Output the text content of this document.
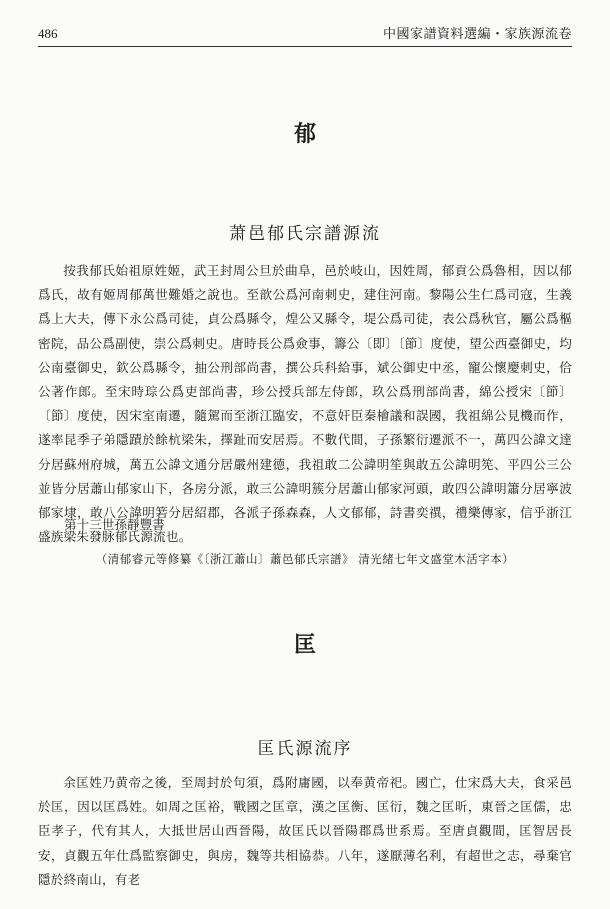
486	中國家譜資料選編・家族源流卷
郁
萧邑郁氏宗譜源流

按我郁氏始祖原姓姬，武王封周公旦於曲阜，邑於岐山，因姓周，郁貢公爲魯相，因以郁爲氏，故有姬周郁萬世難婚之說也。至歆公爲河南刺史，建住河南。黎陽公生仁爲司寇，生義爲上大夫，傳下永公爲司徒，貞公爲縣令，煌公又縣令，堤公爲司徒，表公爲秋官，屬公爲樞密院，品公爲副使，崇公爲刺史。唐時長公爲僉事，籌公〔即〕〔節〕度使，望公西臺御史，均公南臺御史，欽公爲縣令，抽公刑部尚書，撰公兵科給事，斌公御史中丞，寵公懷慶刺史，佮公著作郎。至宋時琮公爲吏部尚書，珍公授兵部左侍郎，玖公爲刑部尚書，綿公授宋〔節〕〔節〕度使，因宋室南遷，隨駕而至浙江臨安，不意奸臣秦檜議和誤國，我祖綿公見機而作，遂率昆季子弟隱蹟於餘杭梁朱，擇趾而安居焉。不數代間，子孫繁衍遷派不一，萬四公諱文達分居蘇州府城，萬五公諱文通分居嚴州建德，我祖敢二公諱明笙與敢五公諱明筅、平四公三公並皆分居蕭山郁家山下，各房分派，敢三公諱明簇分居蕭山郁家河頭，敢四公諱明簫分居寧波郁家埭，敢八公諱明箬分居紹郡，各派子孫森森，人文郁郁，詩書奕禩，禮樂傳家，信乎浙江盛族梁朱發脉郁氏源流也。

第十三世孫靜豐書
（清郁睿元等修纂《〔浙江蕭山〕蕭邑郁氏宗譜》 清光緒七年文盛堂木活字本）
匡
匡氏源流序

余匡姓乃黄帝之後，至周封於句須，爲附庸國，以奉黄帝祀。國亡，仕宋爲大夫，食采邑於匡，因以匡爲姓。如周之匡裕，戰國之匡章，漢之匡衡、匡衍，魏之匡昕，東晉之匡儒，忠臣孝子，代有其人，大抵世居山西晉陽，故匡氏以晉陽郡爲世系焉。至唐貞觀間，匡智居長安，貞觀五年仕爲監察御史，與房，魏等共相協恭。八年，遂厭薄名利，有超世之志，尋棄官隱於終南山，有老
